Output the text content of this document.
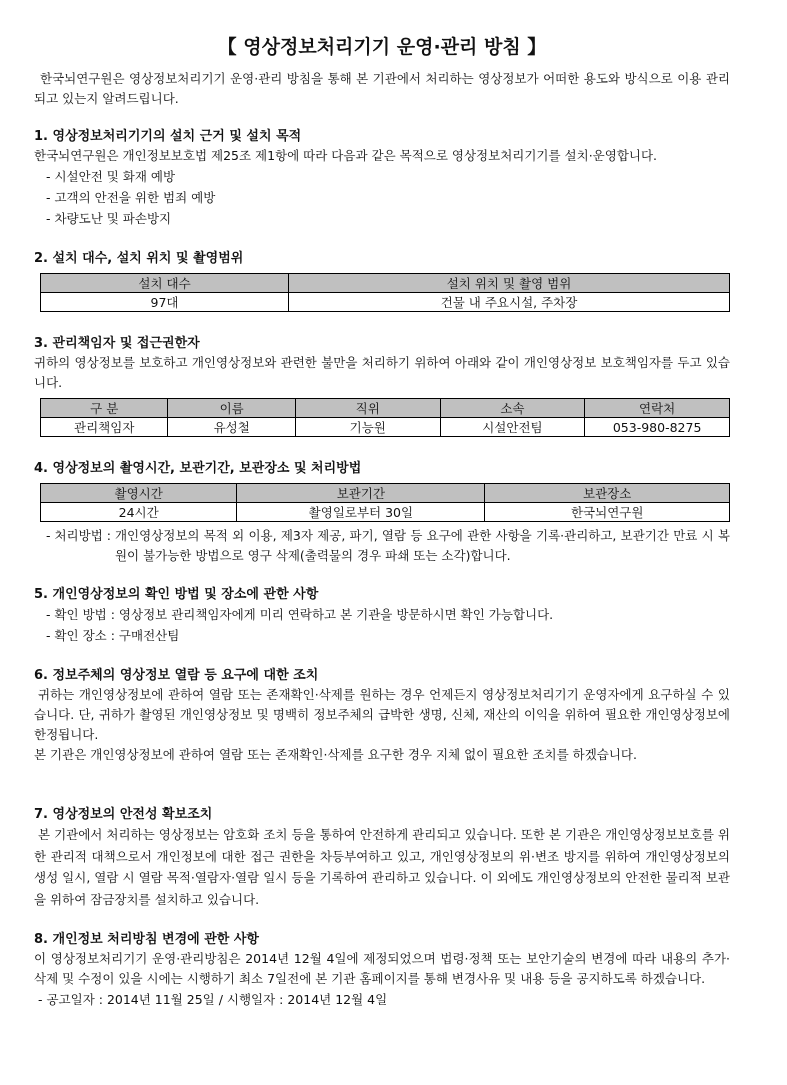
【 영상정보처리기기 운영·관리 방침 】

한국뇌연구원은 영상정보처리기기 운영·관리 방침을 통해 본 기관에서 처리하는 영상정보가 어떠한 용도와 방식으로 이용 관리되고 있는지 알려드립니다.

1. 영상정보처리기기의 설치 근거 및 설치 목적

한국뇌연구원은 개인정보보호법 제25조 제1항에 따라 다음과 같은 목적으로 영상정보처리기기를 설치·운영합니다.

- 시설안전 및 화재 예방
- 고객의 안전을 위한 범죄 예방
- 차량도난 및 파손방지
2. 설치 대수, 설치 위치 및 촬영범위
설치 대수	설치 위치 및 촬영 범위
97대	건물 내 주요시설, 주차장
3. 관리책임자 및 접근권한자

귀하의 영상정보를 보호하고 개인영상정보와 관련한 불만을 처리하기 위하여 아래와 같이 개인영상정보 보호책임자를 두고 있습니다.

구 분	이름	직위	소속	연락처
관리책임자	유성철	기능원	시설안전팀	053-980-8275
4. 영상정보의 촬영시간, 보관기간, 보관장소 및 처리방법
촬영시간	보관기간	보관장소
24시간	촬영일로부터 30일	한국뇌연구원
- 처리방법 : 개인영상정보의 목적 외 이용, 제3자 제공, 파기, 열람 등 요구에 관한 사항을 기록·관리하고, 보관기간 만료 시 복원이 불가능한 방법으로 영구 삭제(출력물의 경우 파쇄 또는 소각)합니다.
5. 개인영상정보의 확인 방법 및 장소에 관한 사항
- 확인 방법 : 영상정보 관리책임자에게 미리 연락하고 본 기관을 방문하시면 확인 가능합니다.
- 확인 장소 : 구매전산팀
6. 정보주체의 영상정보 열람 등 요구에 대한 조치

귀하는 개인영상정보에 관하여 열람 또는 존재확인·삭제를 원하는 경우 언제든지 영상정보처리기기 운영자에게 요구하실 수 있습니다. 단, 귀하가 촬영된 개인영상정보 및 명백히 정보주체의 급박한 생명, 신체, 재산의 이익을 위하여 필요한 개인영상정보에 한정됩니다.

본 기관은 개인영상정보에 관하여 열람 또는 존재확인·삭제를 요구한 경우 지체 없이 필요한 조치를 하겠습니다.

7. 영상정보의 안전성 확보조치

본 기관에서 처리하는 영상정보는 암호화 조치 등을 통하여 안전하게 관리되고 있습니다. 또한 본 기관은 개인영상정보보호를 위한 관리적 대책으로서 개인정보에 대한 접근 권한을 차등부여하고 있고, 개인영상정보의 위·변조 방지를 위하여 개인영상정보의 생성 일시, 열람 시 열람 목적·열람자·열람 일시 등을 기록하여 관리하고 있습니다. 이 외에도 개인영상정보의 안전한 물리적 보관을 위하여 잠금장치를 설치하고 있습니다.

8. 개인정보 처리방침 변경에 관한 사항

이 영상정보처리기기 운영·관리방침은 2014년 12월 4일에 제정되었으며 법령·정책 또는 보안기술의 변경에 따라 내용의 추가·삭제 및 수정이 있을 시에는 시행하기 최소 7일전에 본 기관 홈페이지를 통해 변경사유 및 내용 등을 공지하도록 하겠습니다.

- 공고일자 : 2014년 11월 25일 / 시행일자 : 2014년 12월 4일
